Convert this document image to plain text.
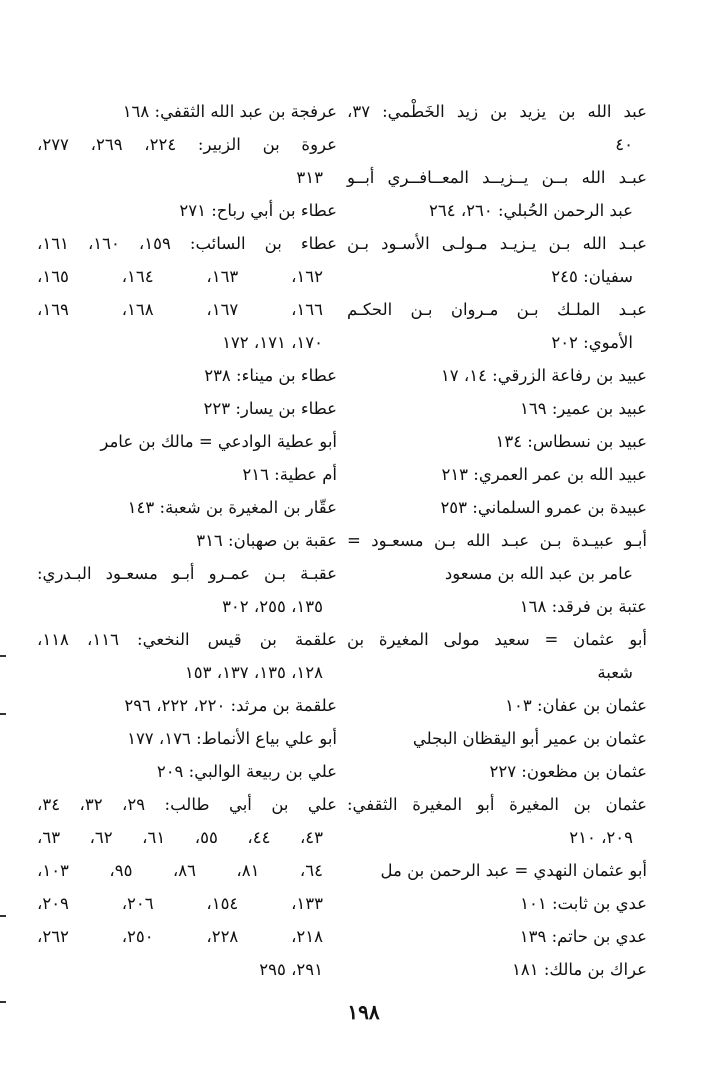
عبد الله بن يزيد بن زيد الخَطْمي: ٣٧،
٤٠
عبـد الله بــن يــزيــد المعــافــري أبــو
عبد الرحمن الحُبلي: ٢٦٠، ٢٦٤
عبـد الله بـن يـزيـد مـولـى الأسـود بـن
سفيان: ٢٤٥
عبـد الملـك بـن مـروان بـن الحكـم
الأموي: ٢٠٢
عبيد بن رفاعة الزرقي: ١٤، ١٧
عبيد بن عمير: ١٦٩
عبيد بن نسطاس: ١٣٤
عبيد الله بن عمر العمري: ٢١٣
عبيدة بن عمرو السلماني: ٢٥٣
أبـو عبيـدة بـن عبـد الله بـن مسعـود =
عامر بن عبد الله بن مسعود
عتبة بن فرقد: ١٦٨
أبو عثمان = سعيد مولى المغيرة بن
شعبة
عثمان بن عفان: ١٠٣
عثمان بن عمير أبو اليقظان البجلي
عثمان بن مظعون: ٢٢٧
عثمان بن المغيرة أبو المغيرة الثقفي:
٢٠٩، ٢١٠
أبو عثمان النهدي = عبد الرحمن بن مل
عدي بن ثابت: ١٠١
عدي بن حاتم: ١٣٩
عراك بن مالك: ١٨١
عرفجة بن عبد الله الثقفي: ١٦٨
عروة بن الزبير: ٢٢٤، ٢٦٩، ٢٧٧،
٣١٣
عطاء بن أبي رباح: ٢٧١
عطاء بن السائب: ١٥٩، ١٦٠، ١٦١،
١٦٢، ١٦٣، ١٦٤، ١٦٥،
١٦٦، ١٦٧، ١٦٨، ١٦٩،
١٧٠، ١٧١، ١٧٢
عطاء بن ميناء: ٢٣٨
عطاء بن يسار: ٢٢٣
أبو عطية الوادعي = مالك بن عامر
أم عطية: ٢١٦
عقّار بن المغيرة بن شعبة: ١٤٣
عقبة بن صهبان: ٣١٦
عقبـة بـن عمـرو أبـو مسعـود البـدري:
١٣٥، ٢٥٥، ٣٠٢
علقمة بن قيس النخعي: ١١٦، ١١٨،
١٢٨، ١٣٥، ١٣٧، ١٥٣
علقمة بن مرثد: ٢٢٠، ٢٢٢، ٢٩٦
أبو علي بياع الأنماط: ١٧٦، ١٧٧
علي بن ربيعة الوالبي: ٢٠٩
علي بن أبي طالب: ٢٩، ٣٢، ٣٤،
٤٣، ٤٤، ٥٥، ٦١، ٦٢، ٦٣،
٦٤، ٨١، ٨٦، ٩٥، ١٠٣،
١٣٣، ١٥٤، ٢٠٦، ٢٠٩،
٢١٨، ٢٢٨، ٢٥٠، ٢٦٢،
٢٩١، ٢٩٥
١٩٨
